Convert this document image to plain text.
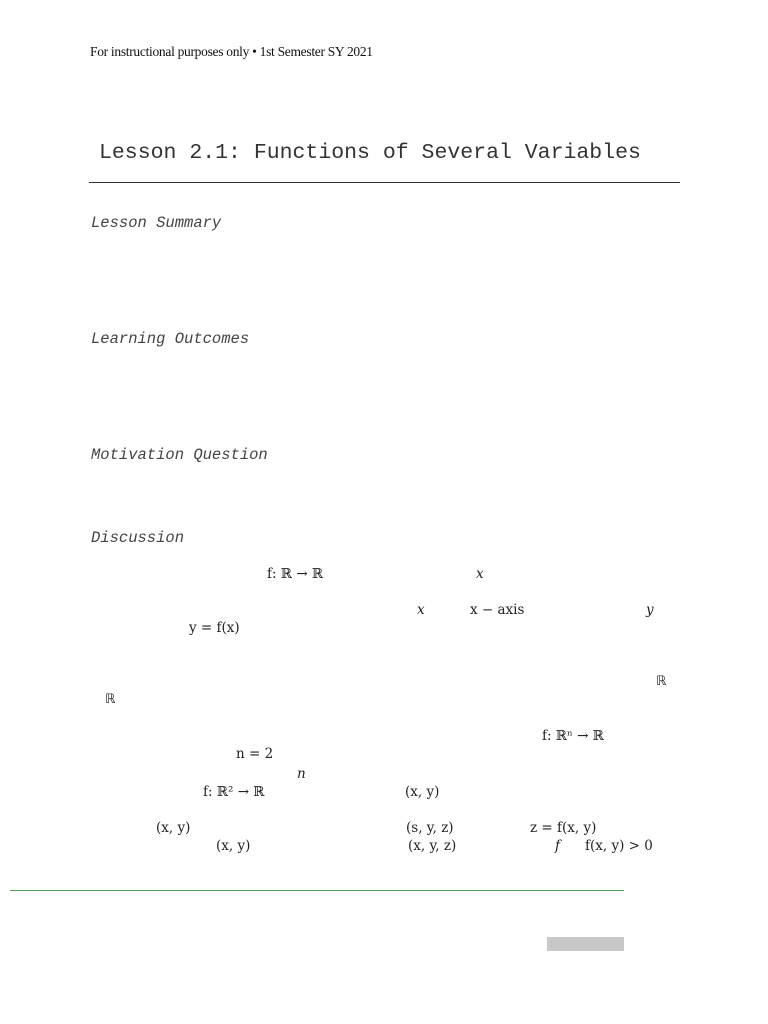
For instructional purposes only • 1st Semester SY 2021
Lesson 2.1: Functions of Several Variables
Lesson Summary
Learning Outcomes
Motivation Question
Discussion
f: ℝ → ℝ	x
x	x − axis	y
y = f(x)
ℝ
ℝ
f: ℝⁿ → ℝ
n = 2
n
f: ℝ² → ℝ	(x, y)
(x, y)	(s, y, z)	z = f(x, y)
(x, y)	(x, y, z)	f f(x, y) > 0
